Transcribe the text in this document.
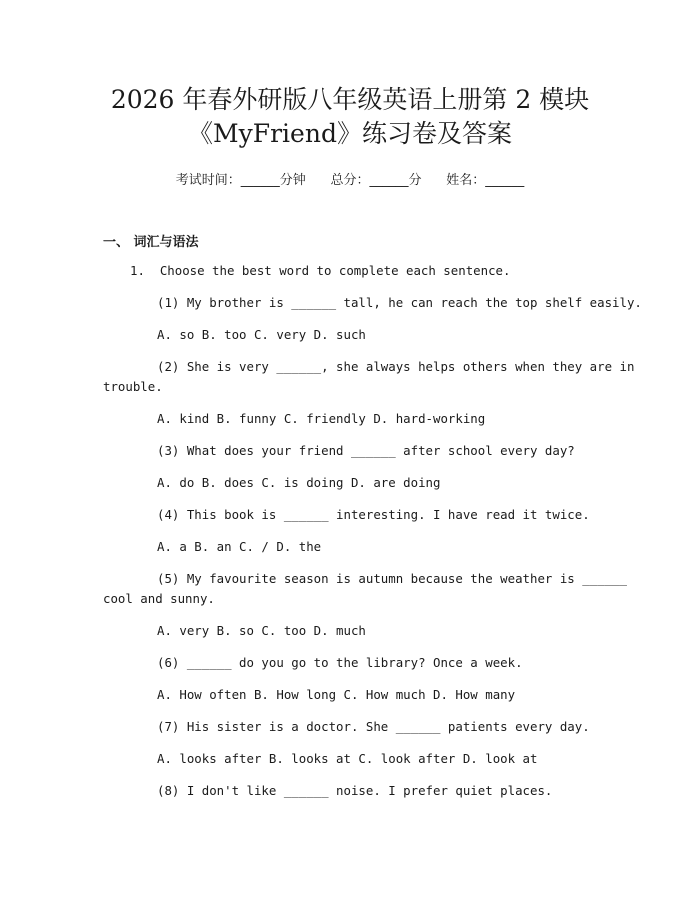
2026 年春外研版八年级英语上册第 2 模块
《MyFriend》练习卷及答案
考试时间：______分钟      总分：______分      姓名：______
一、 词汇与语法
1.  Choose the best word to complete each sentence.
(1) My brother is ______ tall, he can reach the top shelf easily.
A. so B. too C. very D. such
(2) She is very ______, she always helps others when they are in
trouble.
A. kind B. funny C. friendly D. hard-working
(3) What does your friend ______ after school every day?
A. do B. does C. is doing D. are doing
(4) This book is ______ interesting. I have read it twice.
A. a B. an C. / D. the
(5) My favourite season is autumn because the weather is ______
cool and sunny.
A. very B. so C. too D. much
(6) ______ do you go to the library? Once a week.
A. How often B. How long C. How much D. How many
(7) His sister is a doctor. She ______ patients every day.
A. looks after B. looks at C. look after D. look at
(8) I don't like ______ noise. I prefer quiet places.
